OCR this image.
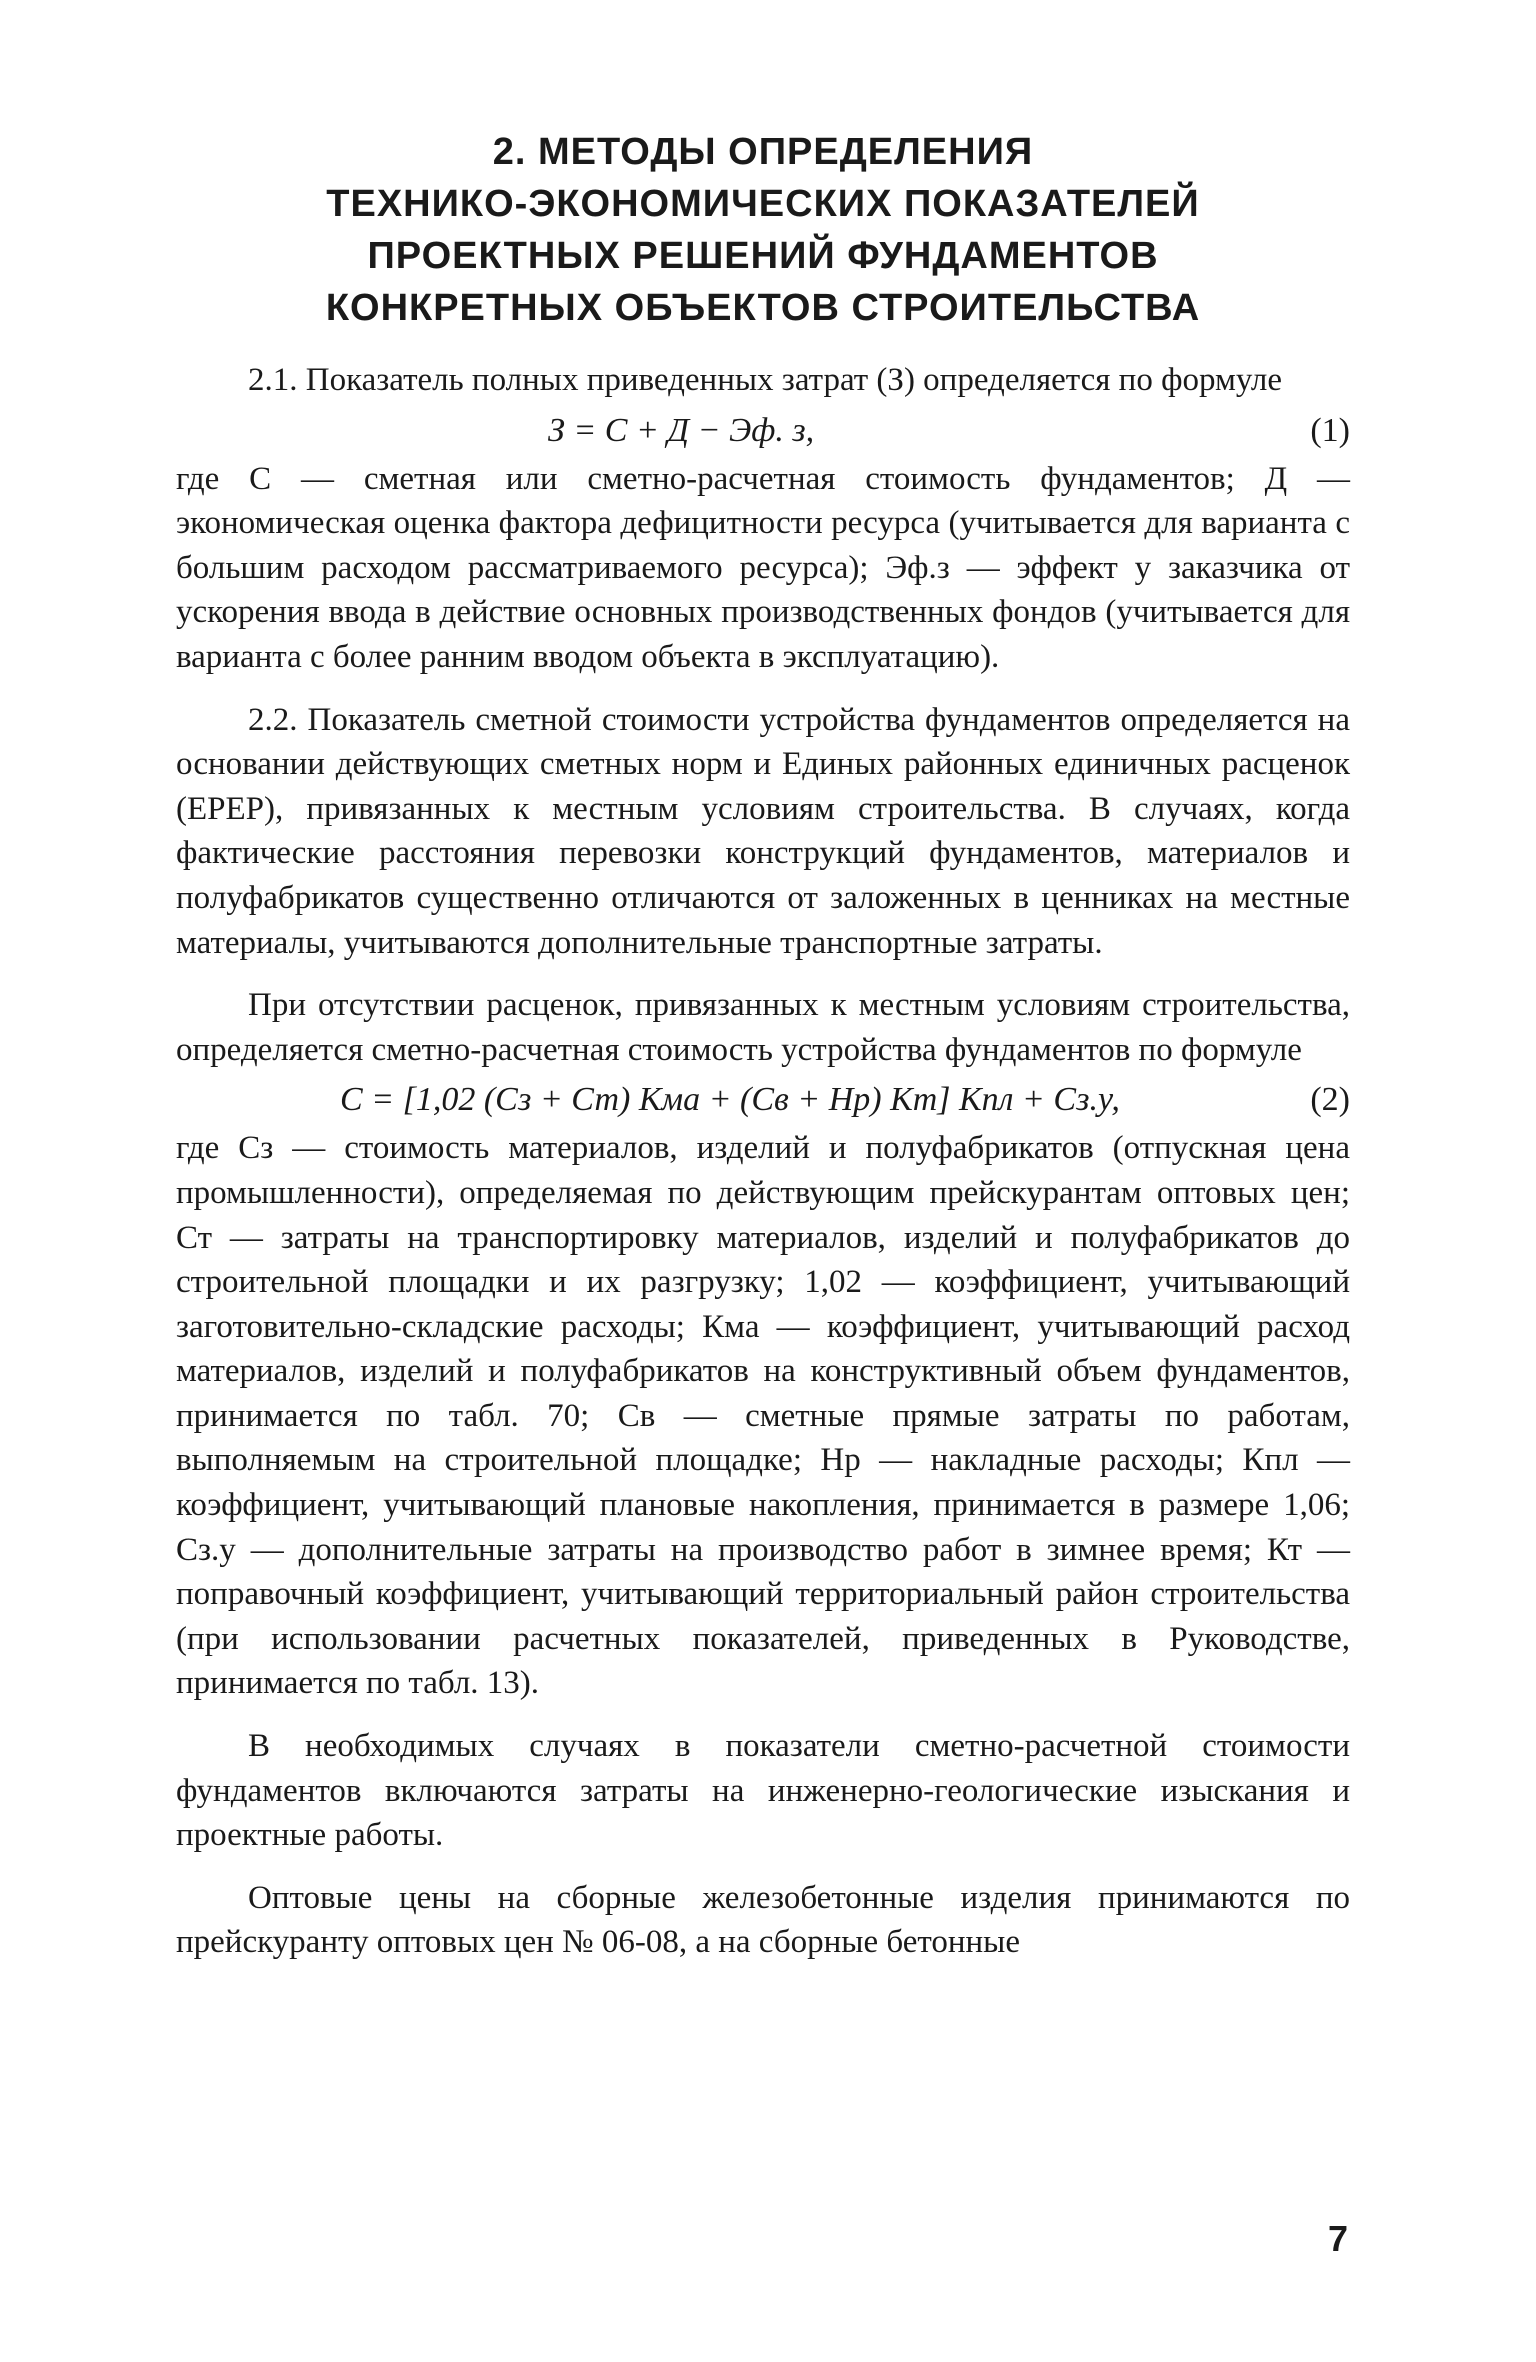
2. МЕТОДЫ ОПРЕДЕЛЕНИЯ
ТЕХНИКО-ЭКОНОМИЧЕСКИХ ПОКАЗАТЕЛЕЙ
ПРОЕКТНЫХ РЕШЕНИЙ ФУНДАМЕНТОВ
КОНКРЕТНЫХ ОБЪЕКТОВ СТРОИТЕЛЬСТВА

2.1. Показатель полных приведенных затрат (З) определяется по формуле

З = С + Д − Эф. з,	(1)

где С — сметная или сметно-расчетная стоимость фундаментов; Д — экономическая оценка фактора дефицитности ресурса (учитывается для варианта с большим расходом рассматриваемого ресурса); Эф.з — эффект у заказчика от ускорения ввода в действие основных производственных фондов (учитывается для варианта с более ранним вводом объекта в эксплуатацию).

2.2. Показатель сметной стоимости устройства фундаментов определяется на основании действующих сметных норм и Единых районных единичных расценок (ЕРЕР), привязанных к местным условиям строительства. В случаях, когда фактические расстояния перевозки конструкций фундаментов, материалов и полуфабрикатов существенно отличаются от заложенных в ценниках на местные материалы, учитываются дополнительные транспортные затраты.

При отсутствии расценок, привязанных к местным условиям строительства, определяется сметно-расчетная стоимость устройства фундаментов по формуле

С = [1,02 (Сз + Ст) Кма + (Св + Нр) Кт] Кпл + Сз.у,	(2)

где Сз — стоимость материалов, изделий и полуфабрикатов (отпускная цена промышленности), определяемая по действующим прейскурантам оптовых цен; Ст — затраты на транспортировку материалов, изделий и полуфабрикатов до строительной площадки и их разгрузку; 1,02 — коэффициент, учитывающий заготовительно-складские расходы; Кма — коэффициент, учитывающий расход материалов, изделий и полуфабрикатов на конструктивный объем фундаментов, принимается по табл. 70; Св — сметные прямые затраты по работам, выполняемым на строительной площадке; Нр — накладные расходы; Кпл — коэффициент, учитывающий плановые накопления, принимается в размере 1,06; Сз.у — дополнительные затраты на производство работ в зимнее время; Кт — поправочный коэффициент, учитывающий территориальный район строительства (при использовании расчетных показателей, приведенных в Руководстве, принимается по табл. 13).

В необходимых случаях в показатели сметно-расчетной стоимости фундаментов включаются затраты на инженерно-геологические изыскания и проектные работы.

Оптовые цены на сборные железобетонные изделия принимаются по прейскуранту оптовых цен № 06-08, а на сборные бетонные

7
